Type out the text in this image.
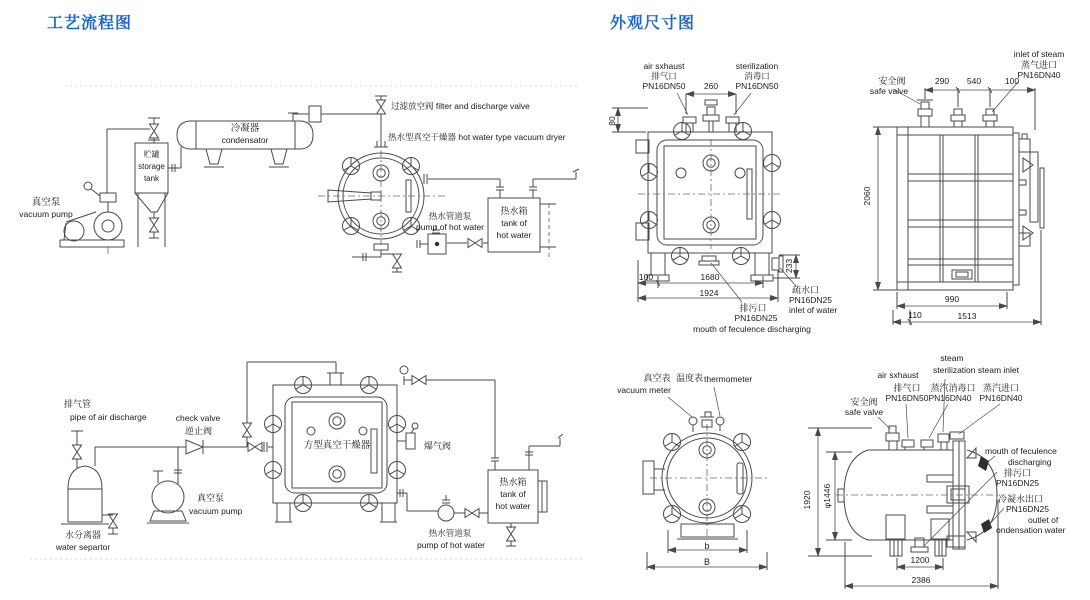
工艺流程图	外观尺寸图
真空泵
vacuum pump
贮罐
storage
tank
冷凝器
condensator
过滤放空阀 filter and discharge valve
热水型真空干燥器 hot water type vacuum dryer
热水管道泵
pump of hot water
热水箱
tank of
hot water
排气管
pipe of air discharge	check valve
逆止阀
真空泵
vacuum pump
水分离器
water separtor
方型真空干燥器	爆气阀
热水箱
tank of
hot water
热水管道泵
pump of hot water
air sxhaust
排气口
PN16DN50
sterilization
消毒口
PN16DN50
260
80
100	1680
1924
233
疏水口
PN16DN25
inlet of water
排污口
PN16DN25
mouth of feculence discharging
inlet of steam
蒸气进口
PN16DN40
安全阀
safe valve
290	540	100
2060
990
110	1513
真空表
vacuum meter
温度表 thermometer
b
B
steam
sterilization steam inlet
air sxhaust
排气口
PN16DN50
蒸汽消毒口
PN16DN40
蒸汽进口
PN16DN40
安全阀
safe valve
mouth of feculence
discharging
排污口
PN16DN25
冷凝水出口
PN16DN25
outlet of
ondensation water
1920 φ1446
1200
2386
